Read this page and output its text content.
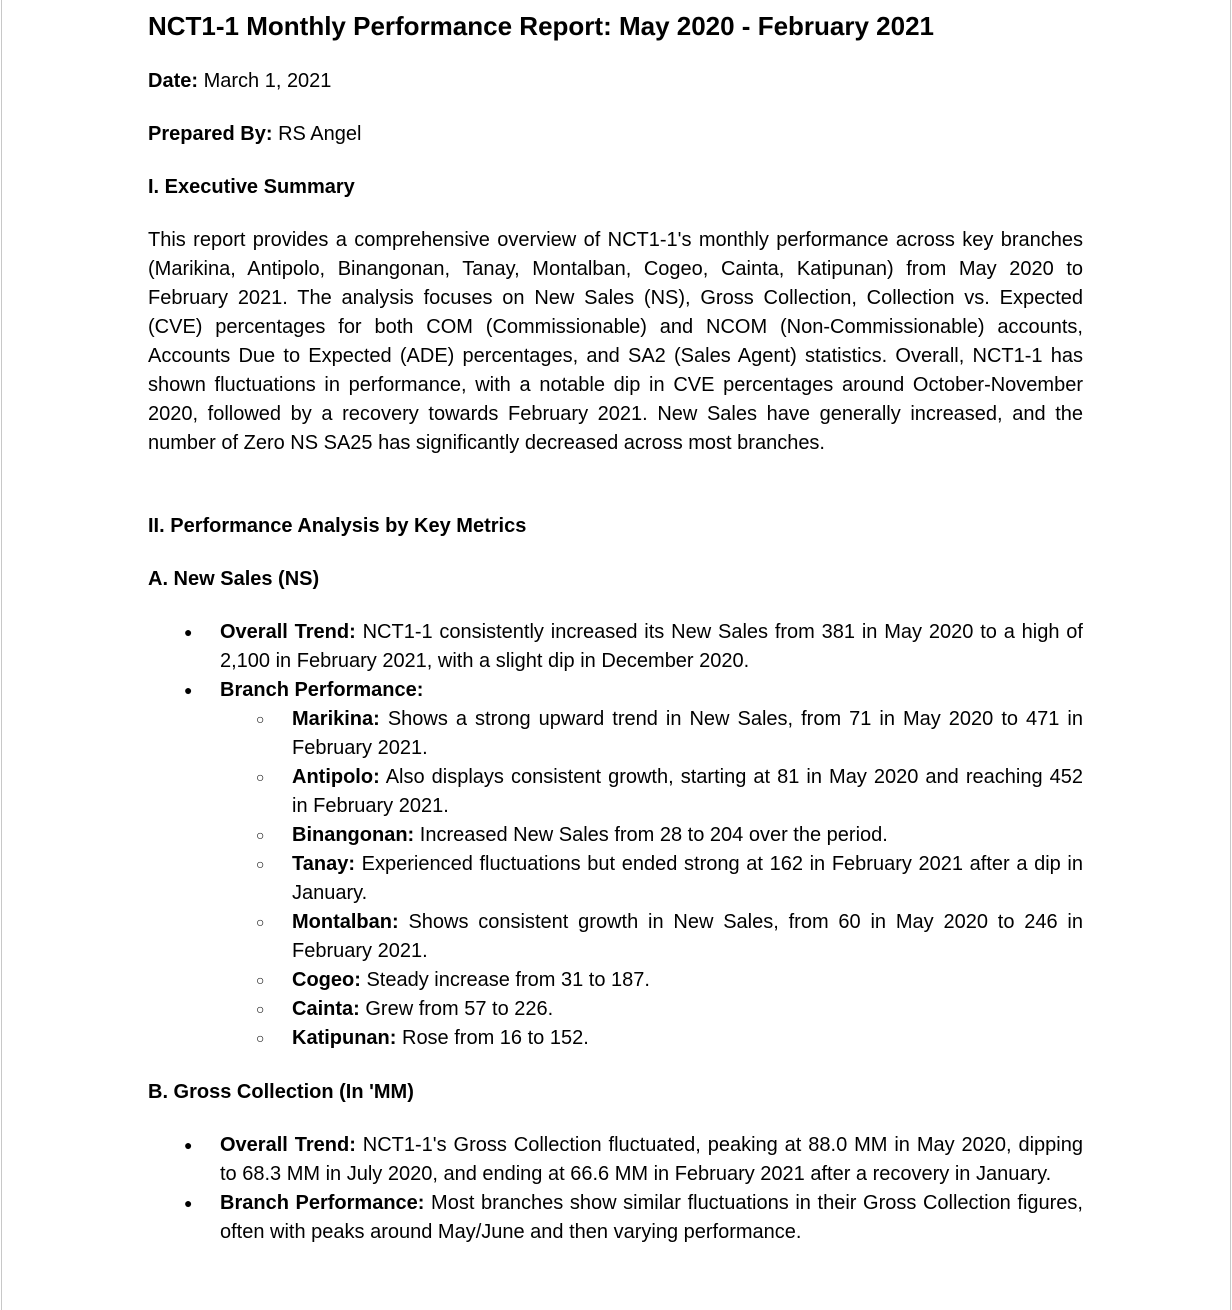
NCT1-1 Monthly Performance Report: May 2020 - February 2021

Date: March 1, 2021

Prepared By: RS Angel

I. Executive Summary

This report provides a comprehensive overview of NCT1-1's monthly performance across key branches (Marikina, Antipolo, Binangonan, Tanay, Montalban, Cogeo, Cainta, Katipunan) from May 2020 to February 2021. The analysis focuses on New Sales (NS), Gross Collection, Collection vs. Expected (CVE) percentages for both COM (Commissionable) and NCOM (Non-Commissionable) accounts, Accounts Due to Expected (ADE) percentages, and SA2 (Sales Agent) statistics. Overall, NCT1-1 has shown fluctuations in performance, with a notable dip in CVE percentages around October-November 2020, followed by a recovery towards February 2021. New Sales have generally increased, and the number of Zero NS SA25 has significantly decreased across most branches.

II. Performance Analysis by Key Metrics

A. New Sales (NS)

● Overall Trend: NCT1-1 consistently increased its New Sales from 381 in May 2020 to a high of 2,100 in February 2021, with a slight dip in December 2020.
● Branch Performance:
○ Marikina: Shows a strong upward trend in New Sales, from 71 in May 2020 to 471 in February 2021.
○ Antipolo: Also displays consistent growth, starting at 81 in May 2020 and reaching 452 in February 2021.
○ Binangonan: Increased New Sales from 28 to 204 over the period.
○ Tanay: Experienced fluctuations but ended strong at 162 in February 2021 after a dip in January.
○ Montalban: Shows consistent growth in New Sales, from 60 in May 2020 to 246 in February 2021.
○ Cogeo: Steady increase from 31 to 187.
○ Cainta: Grew from 57 to 226.
○ Katipunan: Rose from 16 to 152.

B. Gross Collection (In 'MM)

● Overall Trend: NCT1-1's Gross Collection fluctuated, peaking at 88.0 MM in May 2020, dipping to 68.3 MM in July 2020, and ending at 66.6 MM in February 2021 after a recovery in January.
● Branch Performance: Most branches show similar fluctuations in their Gross Collection figures, often with peaks around May/June and then varying performance.
